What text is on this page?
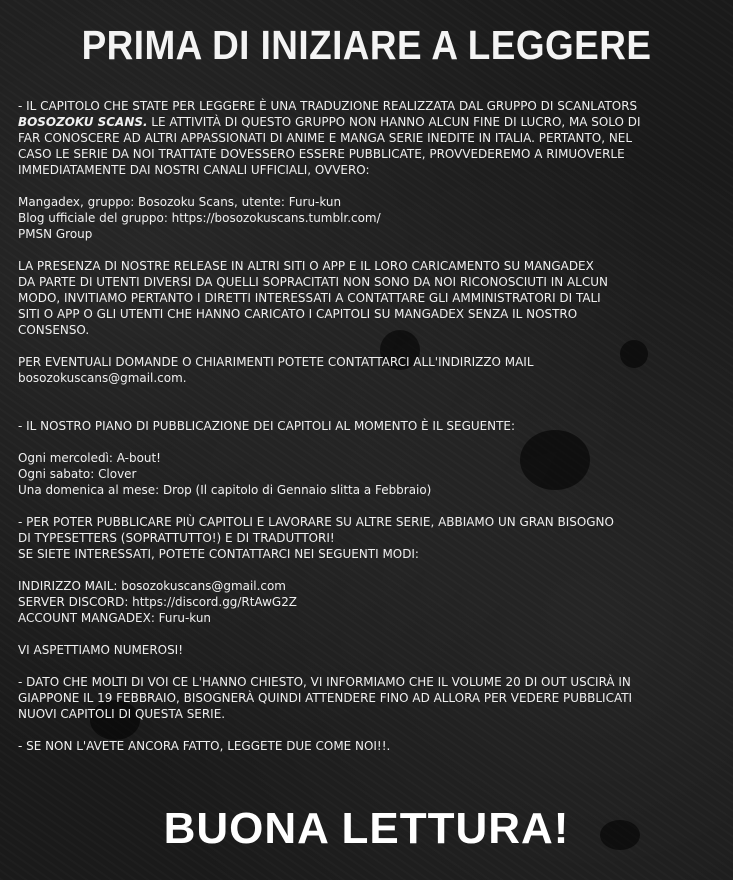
PRIMA DI INIZIARE A LEGGERE
- IL CAPITOLO CHE STATE PER LEGGERE È UNA TRADUZIONE REALIZZATA DAL GRUPPO DI SCANLATORS
BOSOZOKU SCANS. LE ATTIVITÀ DI QUESTO GRUPPO NON HANNO ALCUN FINE DI LUCRO, MA SOLO DI
FAR CONOSCERE AD ALTRI APPASSIONATI DI ANIME E MANGA SERIE INEDITE IN ITALIA. PERTANTO, NEL
CASO LE SERIE DA NOI TRATTATE DOVESSERO ESSERE PUBBLICATE, PROVVEDEREMO A RIMUOVERLE
IMMEDIATAMENTE DAI NOSTRI CANALI UFFICIALI, OVVERO:
Mangadex, gruppo: Bosozoku Scans, utente: Furu-kun
Blog ufficiale del gruppo: https://bosozokuscans.tumblr.com/
PMSN Group
LA PRESENZA DI NOSTRE RELEASE IN ALTRI SITI O APP E IL LORO CARICAMENTO SU MANGADEX
DA PARTE DI UTENTI DIVERSI DA QUELLI SOPRACITATI NON SONO DA NOI RICONOSCIUTI IN ALCUN
MODO, INVITIAMO PERTANTO I DIRETTI INTERESSATI A CONTATTARE GLI AMMINISTRATORI DI TALI
SITI O APP O GLI UTENTI CHE HANNO CARICATO I CAPITOLI SU MANGADEX SENZA IL NOSTRO
CONSENSO.
PER EVENTUALI DOMANDE O CHIARIMENTI POTETE CONTATTARCI ALL'INDIRIZZO MAIL
bosozokuscans@gmail.com.
- IL NOSTRO PIANO DI PUBBLICAZIONE DEI CAPITOLI AL MOMENTO È IL SEGUENTE:
Ogni mercoledì: A-bout!
Ogni sabato: Clover
Una domenica al mese: Drop (Il capitolo di Gennaio slitta a Febbraio)
- PER POTER PUBBLICARE PIÙ CAPITOLI E LAVORARE SU ALTRE SERIE, ABBIAMO UN GRAN BISOGNO
DI TYPESETTERS (SOPRATTUTTO!) E DI TRADUTTORI!
SE SIETE INTERESSATI, POTETE CONTATTARCI NEI SEGUENTI MODI:
INDIRIZZO MAIL: bosozokuscans@gmail.com
SERVER DISCORD: https://discord.gg/RtAwG2Z
ACCOUNT MANGADEX: Furu-kun
VI ASPETTIAMO NUMEROSI!
- DATO CHE MOLTI DI VOI CE L'HANNO CHIESTO, VI INFORMIAMO CHE IL VOLUME 20 DI OUT USCIRÀ IN
GIAPPONE IL 19 FEBBRAIO, BISOGNERÀ QUINDI ATTENDERE FINO AD ALLORA PER VEDERE PUBBLICATI
NUOVI CAPITOLI DI QUESTA SERIE.
- SE NON L'AVETE ANCORA FATTO, LEGGETE DUE COME NOI!!.
BUONA LETTURA!
